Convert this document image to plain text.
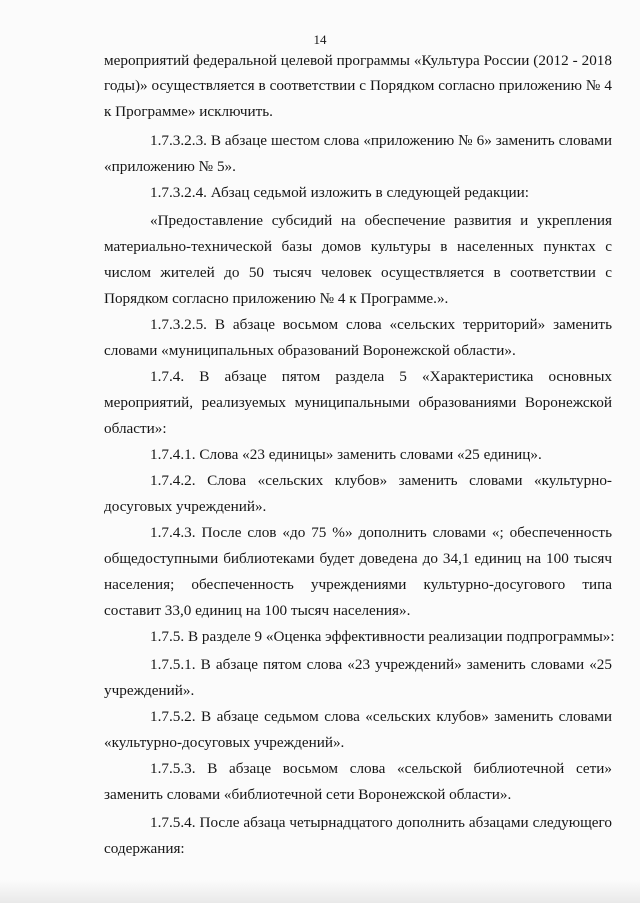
14
мероприятий федеральной целевой программы «Культура России (2012 - 2018
годы)» осуществляется в соответствии с Порядком согласно приложению № 4
к Программе» исключить.
1.7.3.2.3. В абзаце шестом слова «приложению № 6» заменить словами
«приложению № 5».
1.7.3.2.4. Абзац седьмой изложить в следующей редакции:
«Предоставление субсидий на обеспечение развития и укрепления
материально-технической базы домов культуры в населенных пунктах с
числом жителей до 50 тысяч человек осуществляется в соответствии с
Порядком согласно приложению № 4 к Программе.».
1.7.3.2.5. В абзаце восьмом слова «сельских территорий» заменить
словами «муниципальных образований Воронежской области».
1.7.4. В абзаце пятом раздела 5 «Характеристика основных
мероприятий, реализуемых муниципальными образованиями Воронежской
области»:
1.7.4.1. Слова «23 единицы» заменить словами «25 единиц».
1.7.4.2. Слова «сельских клубов» заменить словами «культурно-
досуговых учреждений».
1.7.4.3. После слов «до 75 %» дополнить словами «; обеспеченность
общедоступными библиотеками будет доведена до 34,1 единиц на 100 тысяч
населения; обеспеченность учреждениями культурно-досугового типа
составит 33,0 единиц на 100 тысяч населения».
1.7.5. В разделе 9 «Оценка эффективности реализации подпрограммы»:
1.7.5.1. В абзаце пятом слова «23 учреждений» заменить словами «25
учреждений».
1.7.5.2. В абзаце седьмом слова «сельских клубов» заменить словами
«культурно-досуговых учреждений».
1.7.5.3. В абзаце восьмом слова «сельской библиотечной сети»
заменить словами «библиотечной сети Воронежской области».
1.7.5.4. После абзаца четырнадцатого дополнить абзацами следующего
содержания:
